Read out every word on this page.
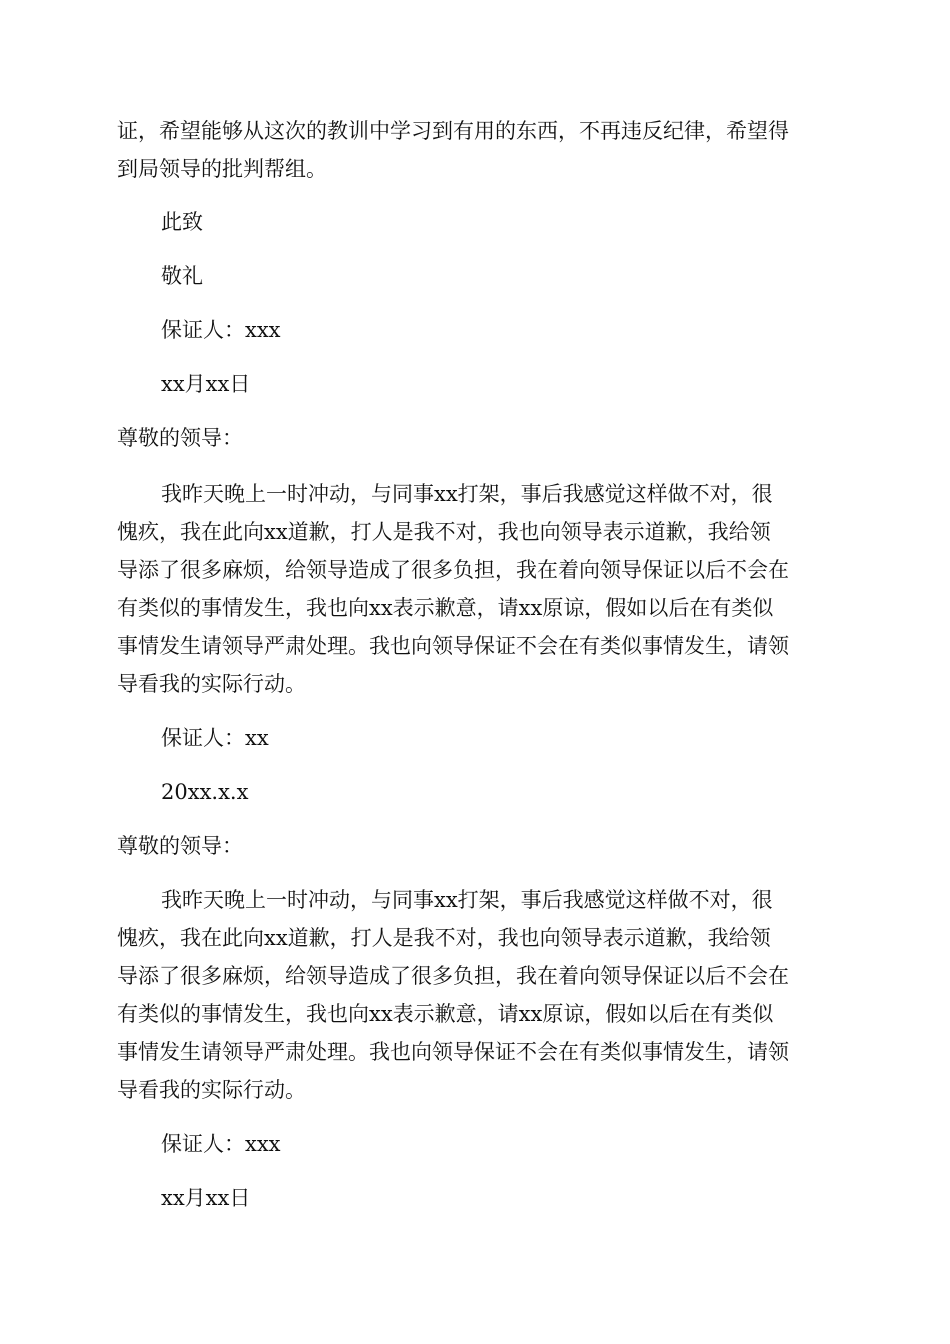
证，希望能够从这次的教训中学习到有用的东西，不再违反纪律，希望得
到局领导的批判帮组。
此致
敬礼
保证人：xxx
xx月xx日
尊敬的领导：
我昨天晚上一时冲动，与同事xx打架，事后我感觉这样做不对，很
愧疚，我在此向xx道歉，打人是我不对，我也向领导表示道歉，我给领
导添了很多麻烦，给领导造成了很多负担，我在着向领导保证以后不会在
有类似的事情发生，我也向xx表示歉意，请xx原谅，假如以后在有类似
事情发生请领导严肃处理。我也向领导保证不会在有类似事情发生，请领
导看我的实际行动。
保证人：xx
20xx.x.x
尊敬的领导：
我昨天晚上一时冲动，与同事xx打架，事后我感觉这样做不对，很
愧疚，我在此向xx道歉，打人是我不对，我也向领导表示道歉，我给领
导添了很多麻烦，给领导造成了很多负担，我在着向领导保证以后不会在
有类似的事情发生，我也向xx表示歉意，请xx原谅，假如以后在有类似
事情发生请领导严肃处理。我也向领导保证不会在有类似事情发生，请领
导看我的实际行动。
保证人：xxx
xx月xx日
